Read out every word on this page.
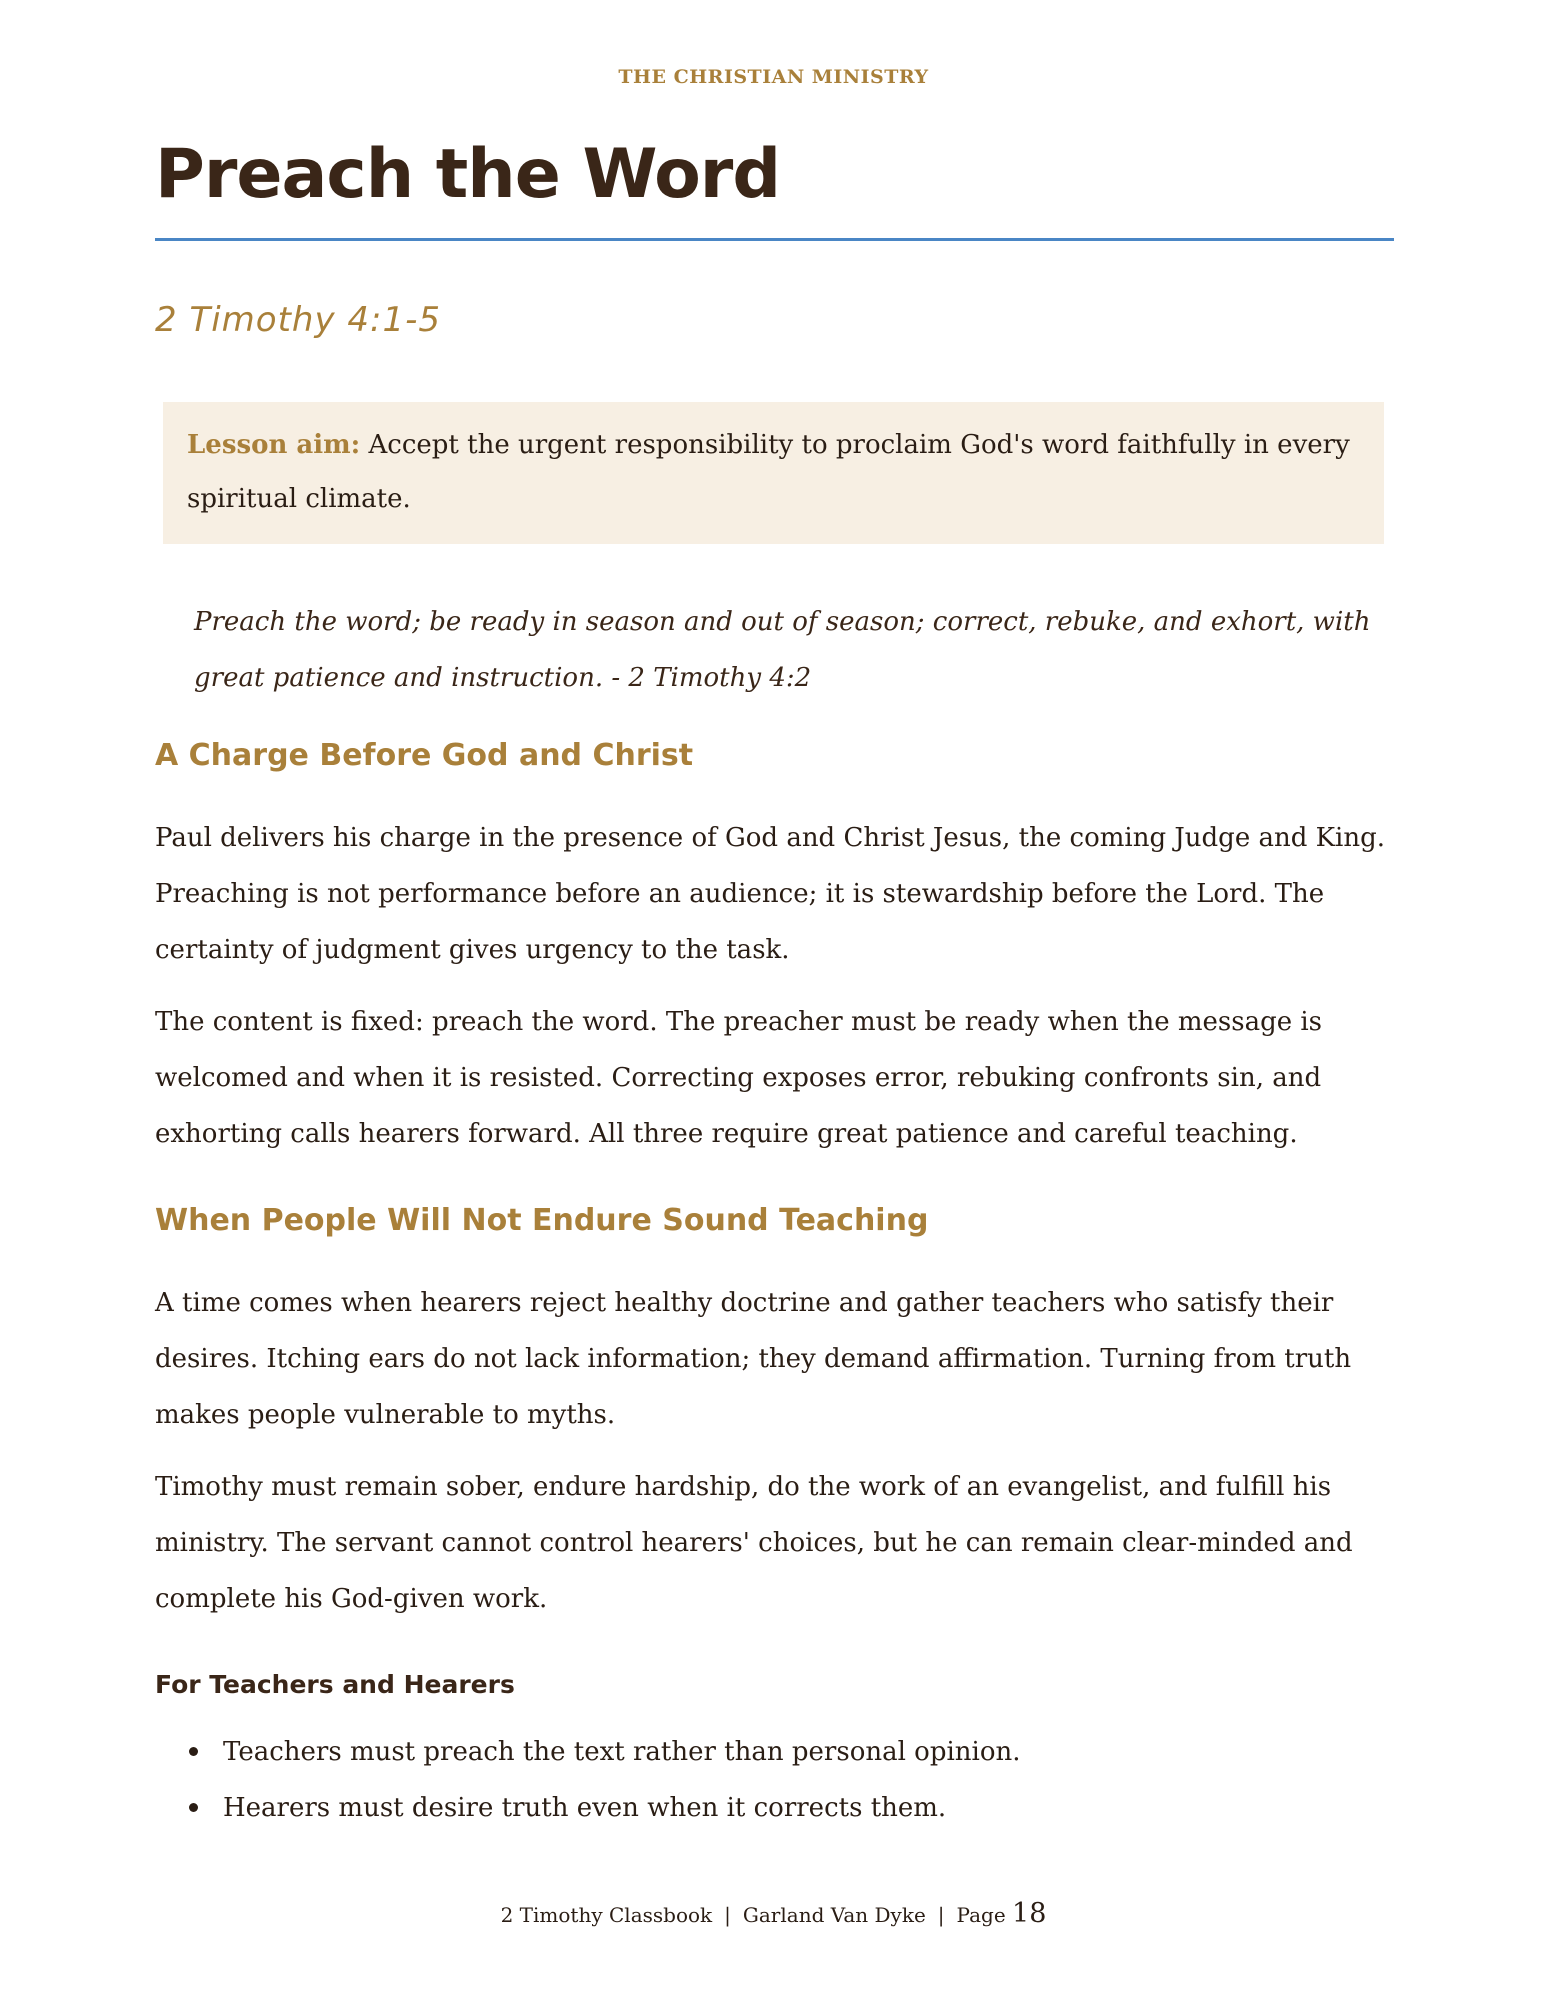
THE CHRISTIAN MINISTRY
Preach the Word
2 Timothy 4:1-5
Lesson aim: Accept the urgent responsibility to proclaim God's word faithfully in every spiritual climate.

Preach the word; be ready in season and out of season; correct, rebuke, and exhort, with great patience and instruction. - 2 Timothy 4:2

A Charge Before God and Christ

Paul delivers his charge in the presence of God and Christ Jesus, the coming Judge and King. Preaching is not performance before an audience; it is stewardship before the Lord. The certainty of judgment gives urgency to the task.

The content is fixed: preach the word. The preacher must be ready when the message is welcomed and when it is resisted. Correcting exposes error, rebuking confronts sin, and exhorting calls hearers forward. All three require great patience and careful teaching.

When People Will Not Endure Sound Teaching

A time comes when hearers reject healthy doctrine and gather teachers who satisfy their desires. Itching ears do not lack information; they demand affirmation. Turning from truth makes people vulnerable to myths.

Timothy must remain sober, endure hardship, do the work of an evangelist, and fulfill his ministry. The servant cannot control hearers' choices, but he can remain clear-minded and complete his God-given work.

For Teachers and Hearers
Teachers must preach the text rather than personal opinion.
Hearers must desire truth even when it corrects them.
2 Timothy Classbook | Garland Van Dyke | Page 18
